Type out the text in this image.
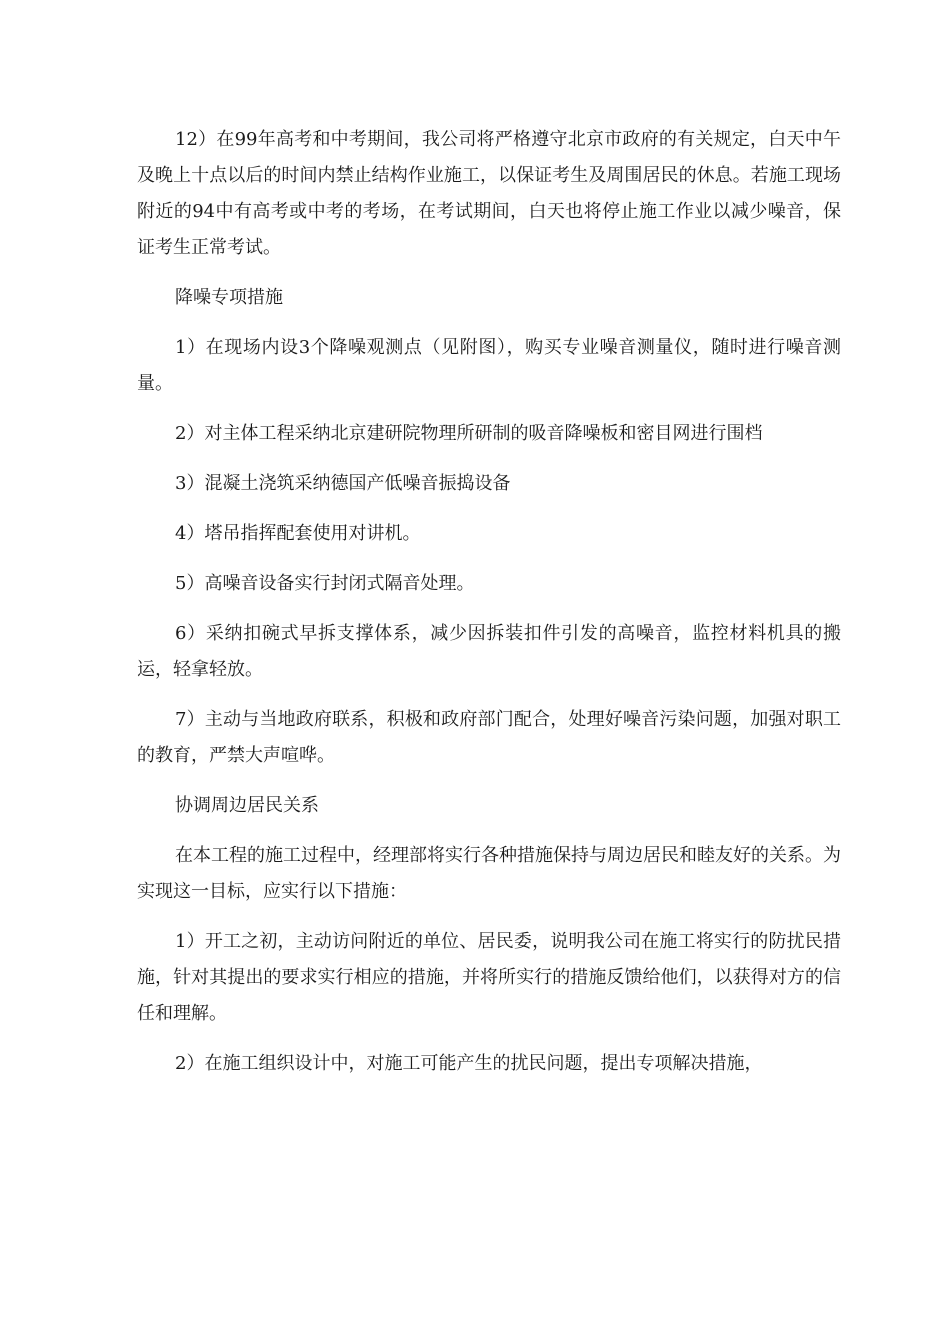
12）在99年高考和中考期间，我公司将严格遵守北京市政府的有关规定，白天中午及晚上十点以后的时间内禁止结构作业施工，以保证考生及周围居民的休息。若施工现场附近的94中有高考或中考的考场，在考试期间，白天也将停止施工作业以减少噪音，保证考生正常考试。

降噪专项措施

1）在现场内设3个降噪观测点（见附图），购买专业噪音测量仪，随时进行噪音测量。

2）对主体工程采纳北京建研院物理所研制的吸音降噪板和密目网进行围档

3）混凝土浇筑采纳德国产低噪音振捣设备

4）塔吊指挥配套使用对讲机。

5）高噪音设备实行封闭式隔音处理。

6）采纳扣碗式早拆支撑体系，减少因拆装扣件引发的高噪音，监控材料机具的搬运，轻拿轻放。

7）主动与当地政府联系，积极和政府部门配合，处理好噪音污染问题，加强对职工的教育，严禁大声喧哗。

协调周边居民关系

在本工程的施工过程中，经理部将实行各种措施保持与周边居民和睦友好的关系。为实现这一目标，应实行以下措施：

1）开工之初，主动访问附近的单位、居民委，说明我公司在施工将实行的防扰民措施，针对其提出的要求实行相应的措施，并将所实行的措施反馈给他们，以获得对方的信任和理解。

2）在施工组织设计中，对施工可能产生的扰民问题，提出专项解决措施，
